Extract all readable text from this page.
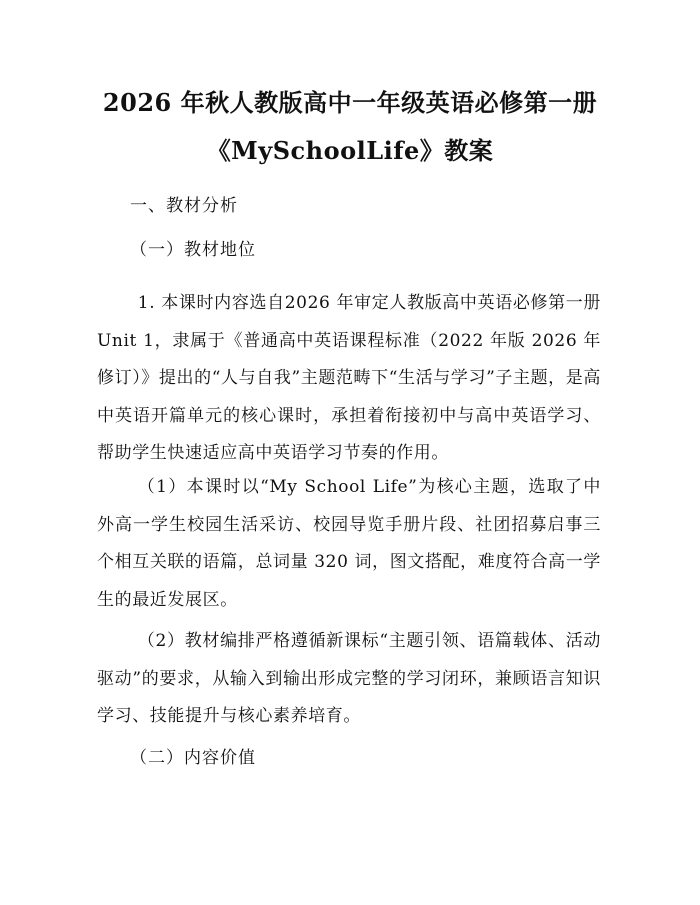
2026 年秋人教版高中一年级英语必修第一册
《MySchoolLife》教案
一、教材分析
（一）教材地位
1. 本课时内容选自2026 年审定人教版高中英语必修第一册Unit 1，隶属于《普通高中英语课程标准（2022 年版 2026 年修订）》提出的“人与自我”主题范畴下“生活与学习”子主题，是高中英语开篇单元的核心课时，承担着衔接初中与高中英语学习、帮助学生快速适应高中英语学习节奏的作用。
（1）本课时以“My School Life”为核心主题，选取了中外高一学生校园生活采访、校园导览手册片段、社团招募启事三个相互关联的语篇，总词量 320 词，图文搭配，难度符合高一学生的最近发展区。
（2）教材编排严格遵循新课标“主题引领、语篇载体、活动驱动”的要求，从输入到输出形成完整的学习闭环，兼顾语言知识学习、技能提升与核心素养培育。
（二）内容价值
